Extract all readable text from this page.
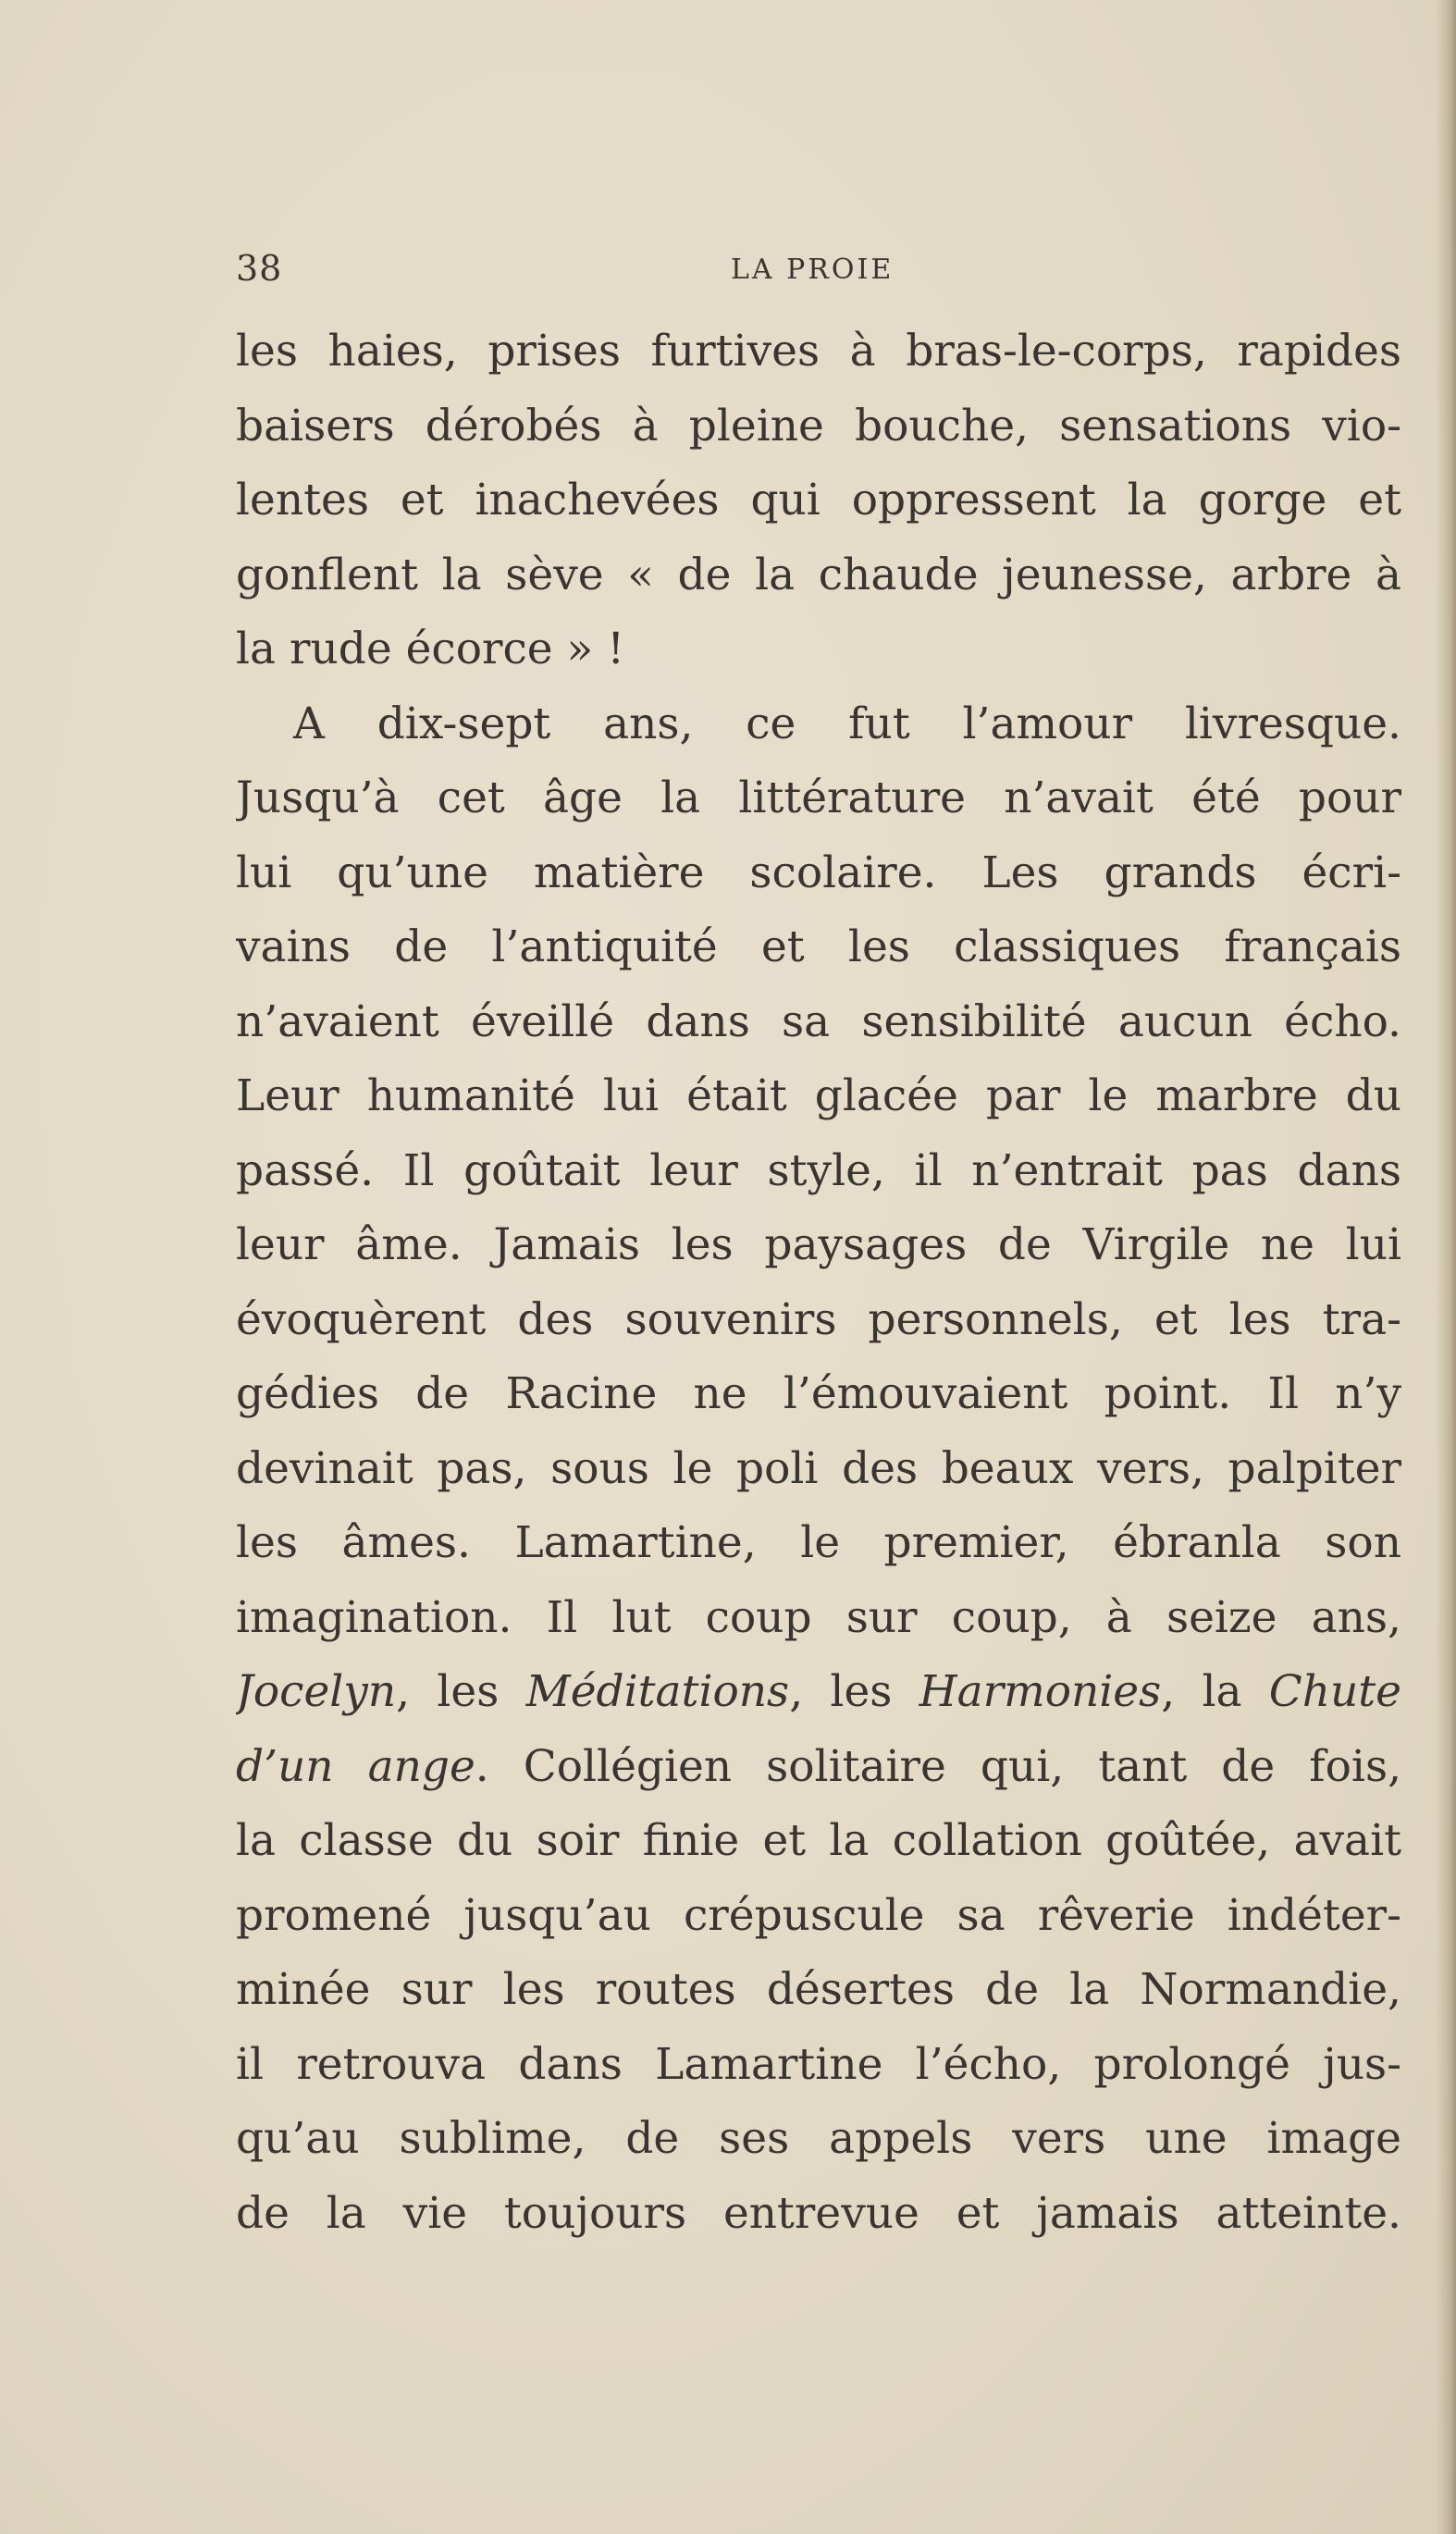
38	LA PROIE
les haies, prises furtives à bras-le-corps, rapides
baisers dérobés à pleine bouche, sensations vio-
lentes et inachevées qui oppressent la gorge et
gonflent la sève « de la chaude jeunesse, arbre à
la rude écorce » !
A dix-sept ans, ce fut l’amour livresque.
Jusqu’à cet âge la littérature n’avait été pour
lui qu’une matière scolaire. Les grands écri-
vains de l’antiquité et les classiques français
n’avaient éveillé dans sa sensibilité aucun écho.
Leur humanité lui était glacée par le marbre du
passé. Il goûtait leur style, il n’entrait pas dans
leur âme. Jamais les paysages de Virgile ne lui
évoquèrent des souvenirs personnels, et les tra-
gédies de Racine ne l’émouvaient point. Il n’y
devinait pas, sous le poli des beaux vers, palpiter
les âmes. Lamartine, le premier, ébranla son
imagination. Il lut coup sur coup, à seize ans,
Jocelyn, les Méditations, les Harmonies, la Chute
d’un ange. Collégien solitaire qui, tant de fois,
la classe du soir finie et la collation goûtée, avait
promené jusqu’au crépuscule sa rêverie indéter-
minée sur les routes désertes de la Normandie,
il retrouva dans Lamartine l’écho, prolongé jus-
qu’au sublime, de ses appels vers une image
de la vie toujours entrevue et jamais atteinte.
